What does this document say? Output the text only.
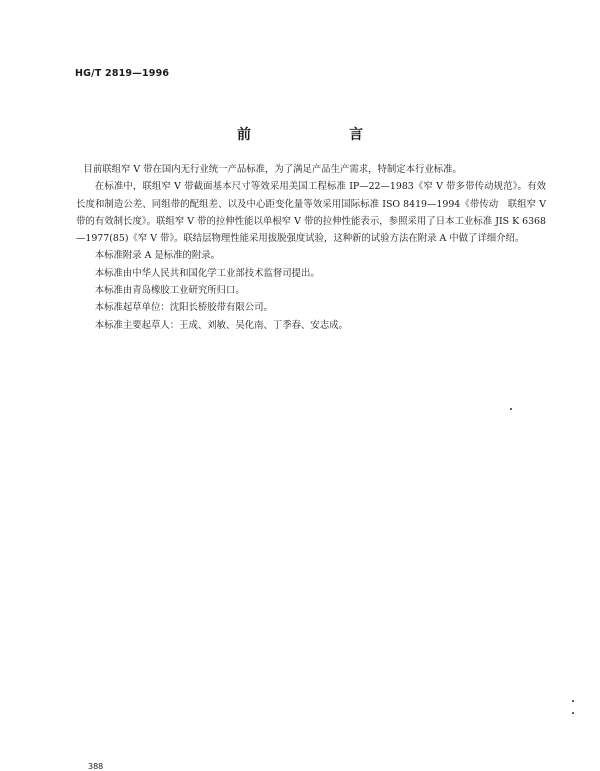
HG/T 2819—1996
前　言

目前联组窄 V 带在国内无行业统一产品标准，为了满足产品生产需求，特制定本行业标准。

在标准中，联组窄 V 带截面基本尺寸等效采用美国工程标准 IP—22—1983《窄 V 带多带传动规范》。有效长度和制造公差、同组带的配组差、以及中心距变化量等效采用国际标准 ISO 8419—1994《带传动　联组窄 V 带的有效制长度》。联组窄 V 带的拉伸性能以单根窄 V 带的拉伸性能表示，参照采用了日本工业标准 JIS K 6368—1977(85)《窄 V 带》。联结层物理性能采用拔脱强度试验，这种新的试验方法在附录 A 中做了详细介绍。

本标准附录 A 是标准的附录。

本标准由中华人民共和国化学工业部技术监督司提出。

本标准由青岛橡胶工业研究所归口。

本标准起草单位：沈阳长桥胶带有限公司。

本标准主要起草人：王成、刘敏、吴化南、丁季春、安志成。

388
